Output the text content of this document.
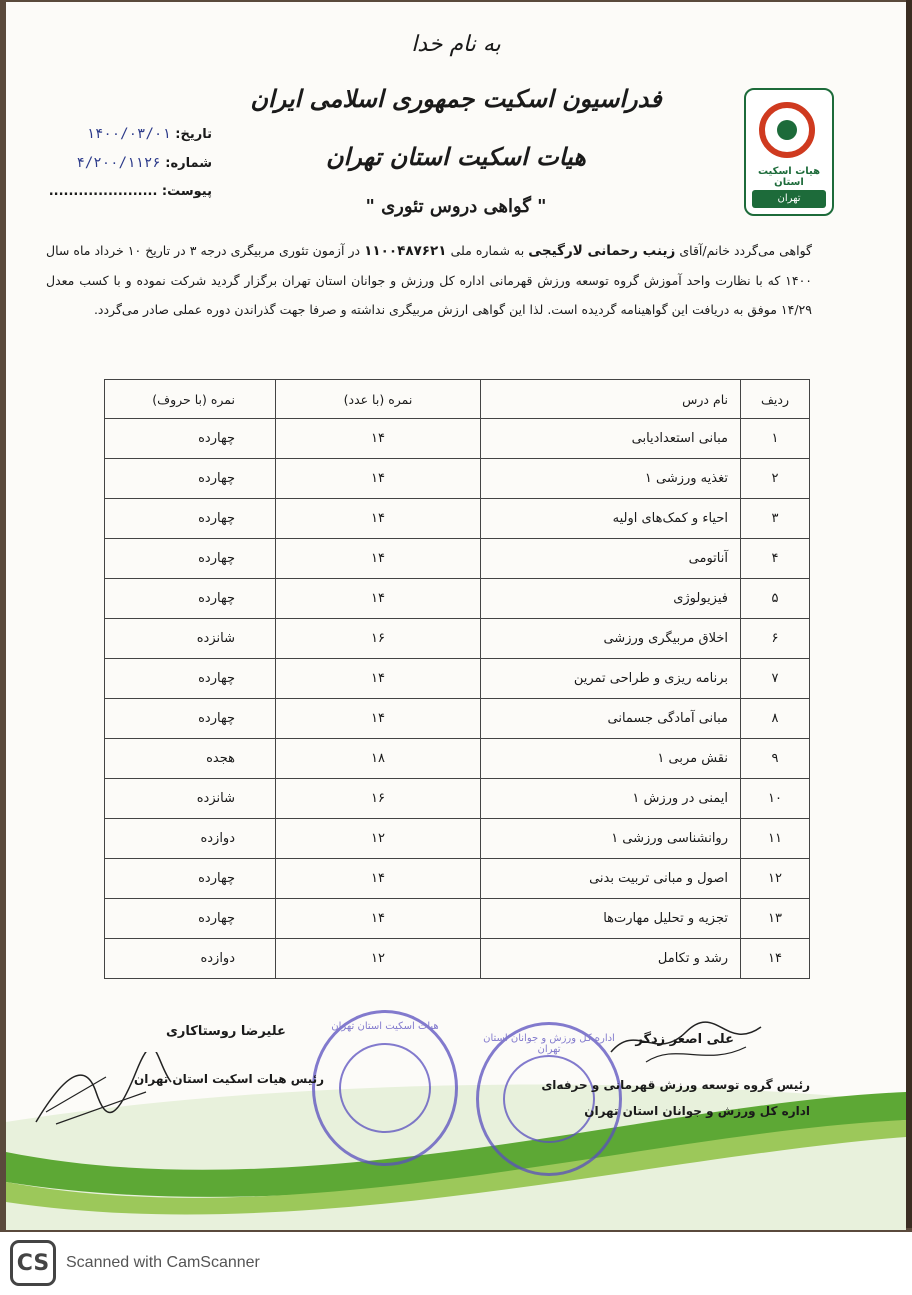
به نام خدا
فدراسیون اسکیت جمهوری اسلامی ایران
هیات اسکیت استان تهران
" گواهی دروس تئوری "
هیات اسکیت استان
تهران
تاریخ: ۱۴۰۰/۰۳/۰۱
شماره: ۴/۲۰۰/۱۱۲۶
پیوست: ......................
گواهی می‌گردد خانم/آقای زینب رحمانی لارگیجی به شماره ملی ۱۱۰۰۴۸۷۶۲۱ در آزمون تئوری مربیگری درجه ۳ در تاریخ ۱۰ خرداد ماه سال ۱۴۰۰ که با نظارت واحد آموزش گروه توسعه ورزش قهرمانی اداره کل ورزش و جوانان استان تهران برگزار گردید شرکت نموده و با کسب معدل ۱۴/۲۹ موفق به دریافت این گواهینامه گردیده است. لذا این گواهی ارزش مربیگری نداشته و صرفا جهت گذراندن دوره عملی صادر می‌گردد.
ردیف	نام درس	نمره (با عدد)	نمره (با حروف)
۱	مبانی استعدادیابی	۱۴	چهارده
۲	تغذیه ورزشی ۱	۱۴	چهارده
۳	احیاء و کمک‌های اولیه	۱۴	چهارده
۴	آناتومی	۱۴	چهارده
۵	فیزیولوژی	۱۴	چهارده
۶	اخلاق مربیگری ورزشی	۱۶	شانزده
۷	برنامه ریزی و طراحی تمرین	۱۴	چهارده
۸	مبانی آمادگی جسمانی	۱۴	چهارده
۹	نقش مربی ۱	۱۸	هجده
۱۰	ایمنی در ورزش ۱	۱۶	شانزده
۱۱	روانشناسی ورزشی ۱	۱۲	دوازده
۱۲	اصول و مبانی تربیت بدنی	۱۴	چهارده
۱۳	تجزیه و تحلیل مهارت‌ها	۱۴	چهارده
۱۴	رشد و تکامل	۱۲	دوازده
هیات اسکیت استان تهران
اداره کل ورزش و جوانان استان تهران
علیرضا روستاکاری
رئیس هیات اسکیت استان تهران
علی اصغر زدگر
رئیس گروه توسعه ورزش قهرمانی و حرفه‌ای
اداره کل ورزش و جوانان استان تهران
CS	Scanned with CamScanner
